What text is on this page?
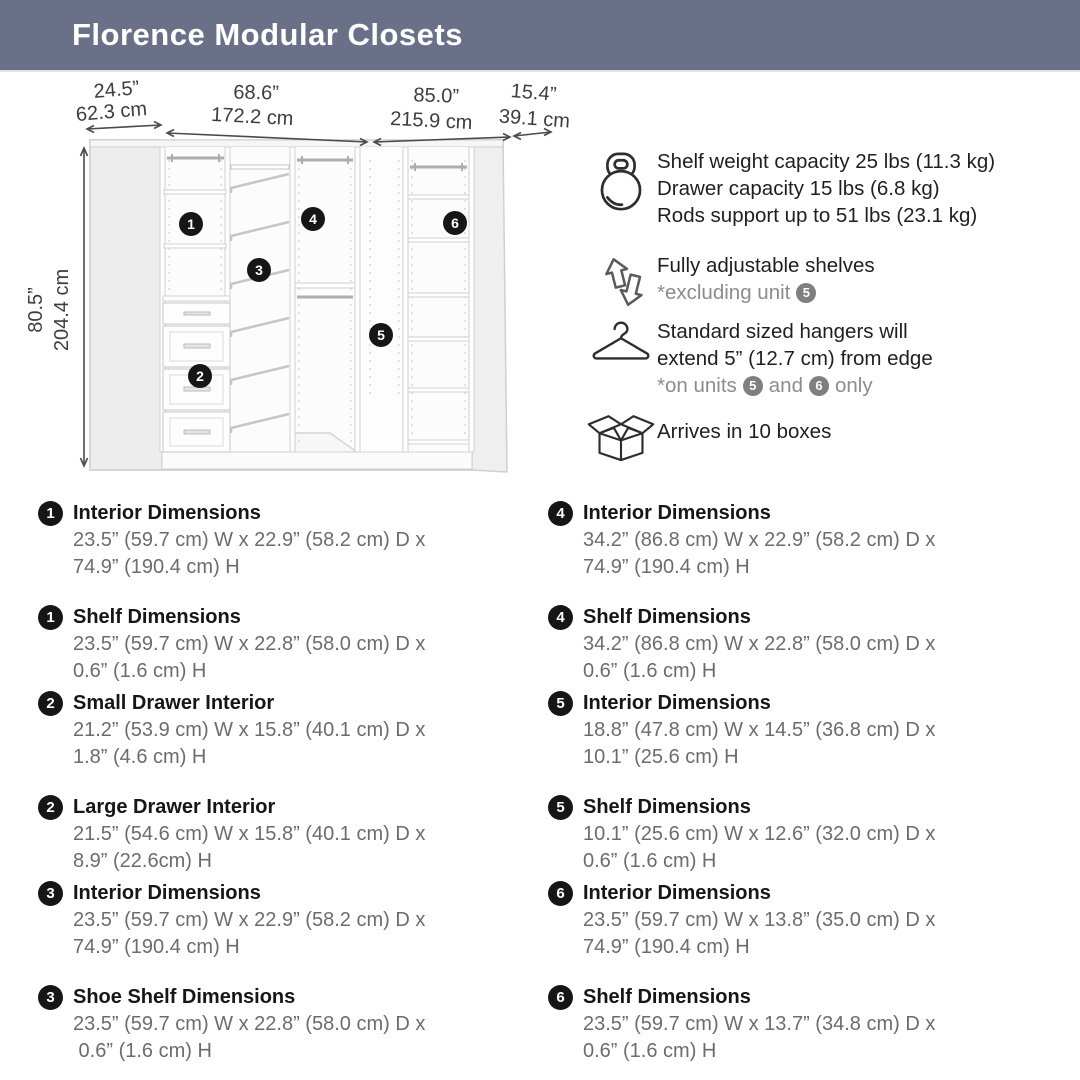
Florence Modular Closets
1
2
3
4
5
6
24.5”
62.3 cm
68.6”
172.2 cm
85.0”
215.9 cm
15.4”
39.1 cm
80.5” 204.4 cm
Shelf weight capacity 25 lbs (11.3 kg)
Drawer capacity 15 lbs (6.8 kg)
Rods support up to 51 lbs (23.1 kg)
Fully adjustable shelves
*excluding unit 5
Standard sized hangers will
extend 5” (12.7 cm) from edge
*on units 5 and 6 only
Arrives in 10 boxes
1 Interior Dimensions
23.5” (59.7 cm) W x 22.9” (58.2 cm) D x
74.9” (190.4 cm) H
1 Shelf Dimensions
23.5” (59.7 cm) W x 22.8” (58.0 cm) D x
0.6” (1.6 cm) H
2 Small Drawer Interior
21.2” (53.9 cm) W x 15.8” (40.1 cm) D x
1.8” (4.6 cm) H
2 Large Drawer Interior
21.5” (54.6 cm) W x 15.8” (40.1 cm) D x
8.9” (22.6cm) H
3 Interior Dimensions
23.5” (59.7 cm) W x 22.9” (58.2 cm) D x
74.9” (190.4 cm) H
3 Shoe Shelf Dimensions
23.5” (59.7 cm) W x 22.8” (58.0 cm) D x
0.6” (1.6 cm) H
4 Interior Dimensions
34.2” (86.8 cm) W x 22.9” (58.2 cm) D x
74.9” (190.4 cm) H
4 Shelf Dimensions
34.2” (86.8 cm) W x 22.8” (58.0 cm) D x
0.6” (1.6 cm) H
5 Interior Dimensions
18.8” (47.8 cm) W x 14.5” (36.8 cm) D x
10.1” (25.6 cm) H
5 Shelf Dimensions
10.1” (25.6 cm) W x 12.6” (32.0 cm) D x
0.6” (1.6 cm) H
6 Interior Dimensions
23.5” (59.7 cm) W x 13.8” (35.0 cm) D x
74.9” (190.4 cm) H
6 Shelf Dimensions
23.5” (59.7 cm) W x 13.7” (34.8 cm) D x
0.6” (1.6 cm) H
